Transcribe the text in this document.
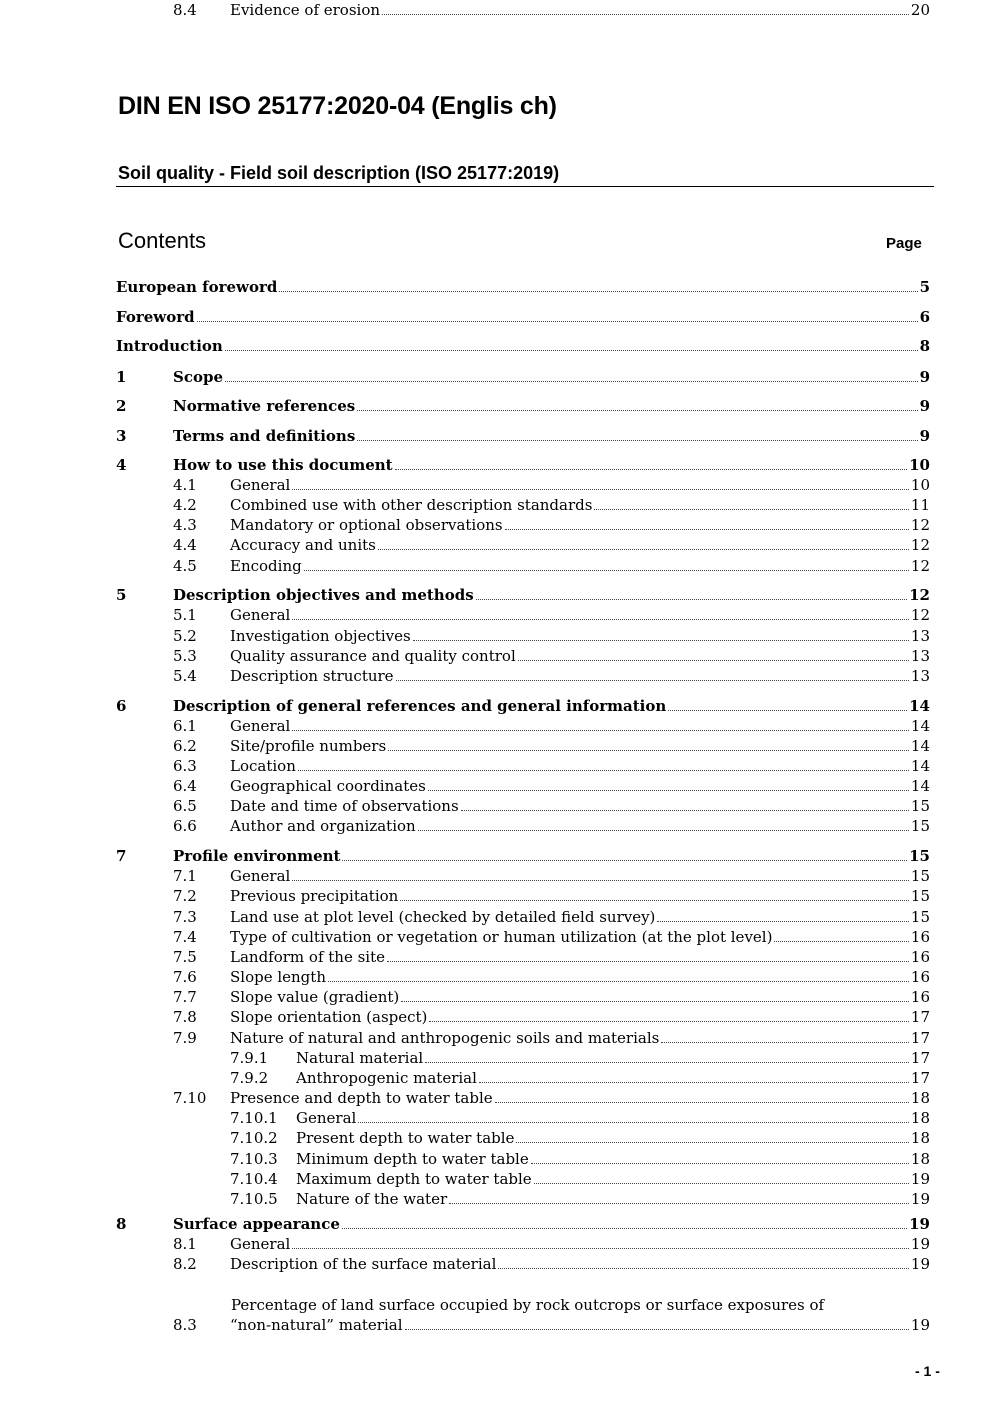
DIN EN ISO 25177:2020-04 (Englis ch)
Soil quality - Field soil description (ISO 25177:2019)
Contents	Page
European foreword	5
Foreword	6
Introduction	8
1	Scope	9
2	Normative references	9
3	Terms and definitions	9
4	How to use this document	10
4.1 General	10
4.2 Combined use with other description standards	11
4.3 Mandatory or optional observations	12
4.4 Accuracy and units	12
4.5 Encoding	12
5	Description objectives and methods	12
5.1 General	12
5.2 Investigation objectives	13
5.3 Quality assurance and quality control	13
5.4 Description structure	13
6	Description of general references and general information	14
6.1 General	14
6.2 Site/profile numbers	14
6.3 Location	14
6.4 Geographical coordinates	14
6.5 Date and time of observations	15
6.6 Author and organization	15
7	Profile environment	15
7.1 General	15
7.2 Previous precipitation	15
7.3 Land use at plot level (checked by detailed field survey)	15
7.4 Type of cultivation or vegetation or human utilization (at the plot level)	16
7.5 Landform of the site	16
7.6 Slope length	16
7.7 Slope value (gradient)	16
7.8 Slope orientation (aspect)	17
7.9 Nature of natural and anthropogenic soils and materials	17
7.9.1 Natural material	17
7.9.2 Anthropogenic material	17
7.10 Presence and depth to water table	18
7.10.1 General	18
7.10.2 Present depth to water table	18
7.10.3 Minimum depth to water table	18
7.10.4 Maximum depth to water table	19
7.10.5 Nature of the water	19
8	Surface appearance	19
8.1 General	19
8.2 Description of the surface material	19
Percentage of land surface occupied by rock outcrops or surface exposures of
8.3 “non-natural” material	19
8.4 Evidence of erosion	20
- 1 -
